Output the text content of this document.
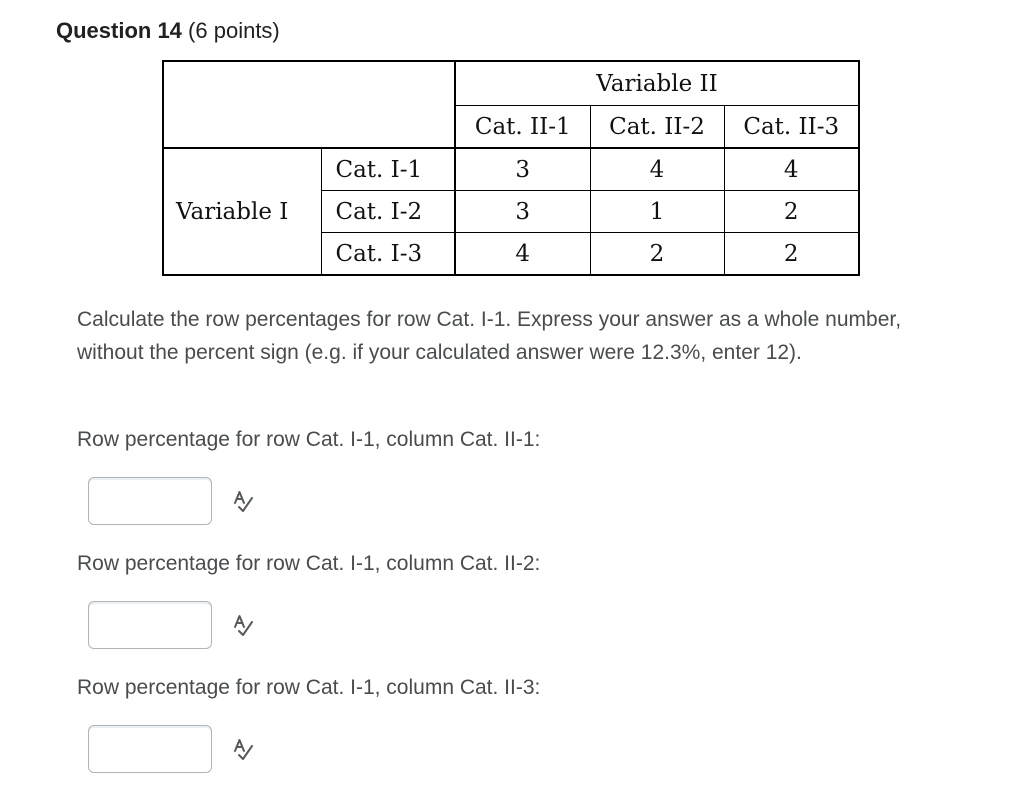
Question 14 (6 points)
		Variable II		
		Cat. II-1	Cat. II-2	Cat. II-3
Variable I	Cat. I-1	3	4	4
	Cat. I-2	3	1	2
	Cat. I-3	4	2	2
Calculate the row percentages for row Cat. I-1. Express your answer as a whole number, without the percent sign (e.g. if your calculated answer were 12.3%, enter 12).
Row percentage for row Cat. I-1, column Cat. II-1:
Row percentage for row Cat. I-1, column Cat. II-2:
Row percentage for row Cat. I-1, column Cat. II-3:
